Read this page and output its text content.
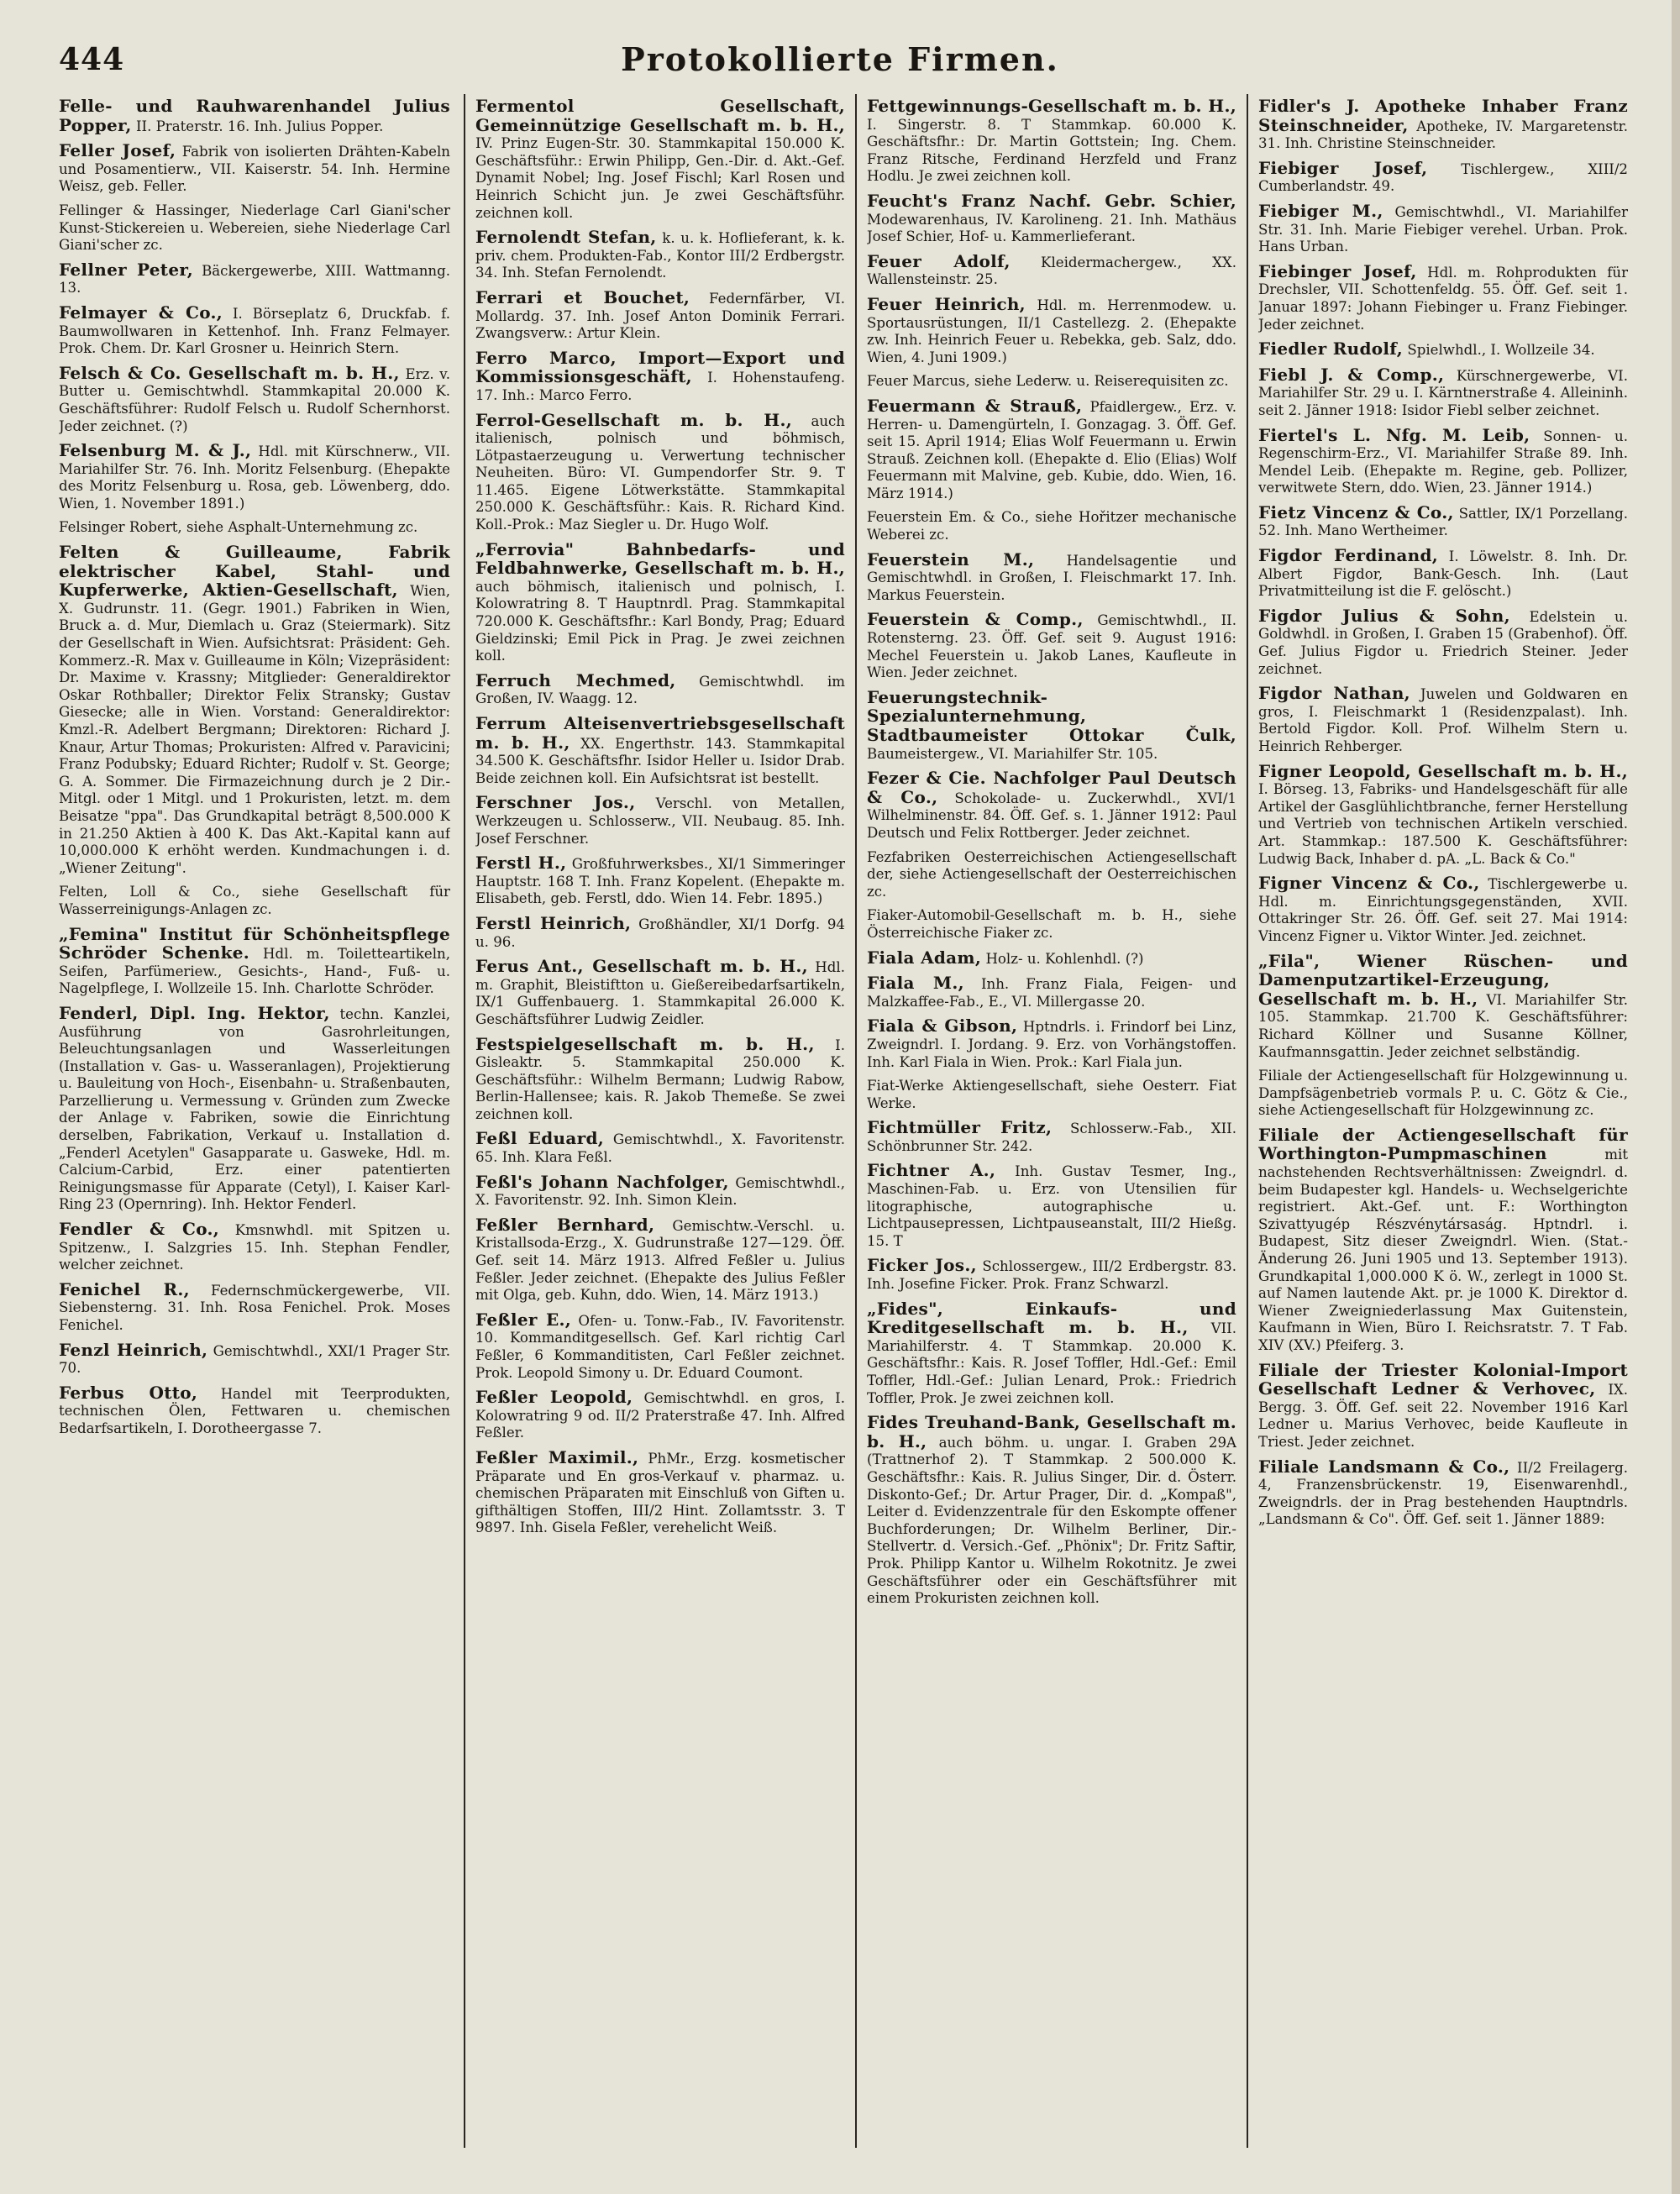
444	Protokollierte Firmen.

Felle- und Rauhwarenhandel Julius Popper, II. Praterstr. 16. Inh. Julius Popper.

Feller Josef, Fabrik von isolierten Drähten-Kabeln und Posamentierw., VII. Kaiserstr. 54. Inh. Hermine Weisz, geb. Feller.

Fellinger & Hassinger, Niederlage Carl Giani'scher Kunst-Stickereien u. Webereien, siehe Niederlage Carl Giani'scher zc.

Fellner Peter, Bäckergewerbe, XIII. Wattmanng. 13.

Felmayer & Co., I. Börseplatz 6, Druckfab. f. Baumwollwaren in Kettenhof. Inh. Franz Felmayer. Prok. Chem. Dr. Karl Grosner u. Heinrich Stern.

Felsch & Co. Gesellschaft m. b. H., Erz. v. Butter u. Gemischtwhdl. Stammkapital 20.000 K. Geschäftsführer: Rudolf Felsch u. Rudolf Schernhorst. Jeder zeichnet. (?)

Felsenburg M. & J., Hdl. mit Kürschnerw., VII. Mariahilfer Str. 76. Inh. Moritz Felsenburg. (Ehepakte des Moritz Felsenburg u. Rosa, geb. Löwenberg, ddo. Wien, 1. November 1891.)

Felsinger Robert, siehe Asphalt-Unternehmung zc.

Felten & Guilleaume, Fabrik elektrischer Kabel, Stahl- und Kupferwerke, Aktien-Gesellschaft, Wien, X. Gudrunstr. 11. (Gegr. 1901.) Fabriken in Wien, Bruck a. d. Mur, Diemlach u. Graz (Steiermark). Sitz der Gesellschaft in Wien. Aufsichtsrat: Präsident: Geh. Kommerz.-R. Max v. Guilleaume in Köln; Vizepräsident: Dr. Maxime v. Krassny; Mitglieder: Generaldirektor Oskar Rothballer; Direktor Felix Stransky; Gustav Giesecke; alle in Wien. Vorstand: Generaldirektor: Kmzl.-R. Adelbert Bergmann; Direktoren: Richard J. Knaur, Artur Thomas; Prokuristen: Alfred v. Paravicini; Franz Podubsky; Eduard Richter; Rudolf v. St. George; G. A. Sommer. Die Firmazeichnung durch je 2 Dir.-Mitgl. oder 1 Mitgl. und 1 Prokuristen, letzt. m. dem Beisatze "ppa". Das Grundkapital beträgt 8,500.000 K in 21.250 Aktien à 400 K. Das Akt.-Kapital kann auf 10,000.000 K erhöht werden. Kundmachungen i. d. „Wiener Zeitung".

Felten, Loll & Co., siehe Gesellschaft für Wasserreinigungs-Anlagen zc.

„Femina" Institut für Schönheitspflege Schröder Schenke. Hdl. m. Toiletteartikeln, Seifen, Parfümeriew., Gesichts-, Hand-, Fuß- u. Nagelpflege, I. Wollzeile 15. Inh. Charlotte Schröder.

Fenderl, Dipl. Ing. Hektor, techn. Kanzlei, Ausführung von Gasrohrleitungen, Beleuchtungsanlagen und Wasserleitungen (Installation v. Gas- u. Wasseranlagen), Projektierung u. Bauleitung von Hoch-, Eisenbahn- u. Straßenbauten, Parzellierung u. Vermessung v. Gründen zum Zwecke der Anlage v. Fabriken, sowie die Einrichtung derselben, Fabrikation, Verkauf u. Installation d. „Fenderl Acetylen" Gasapparate u. Gasweke, Hdl. m. Calcium-Carbid, Erz. einer patentierten Reinigungsmasse für Apparate (Cetyl), I. Kaiser Karl-Ring 23 (Opernring). Inh. Hektor Fenderl.

Fendler & Co., Kmsnwhdl. mit Spitzen u. Spitzenw., I. Salzgries 15. Inh. Stephan Fendler, welcher zeichnet.

Fenichel R., Federnschmückergewerbe, VII. Siebensterng. 31. Inh. Rosa Fenichel. Prok. Moses Fenichel.

Fenzl Heinrich, Gemischtwhdl., XXI/1 Prager Str. 70.

Ferbus Otto, Handel mit Teerprodukten, technischen Ölen, Fettwaren u. chemischen Bedarfsartikeln, I. Dorotheergasse 7.

Fermentol Gesellschaft, Gemeinnützige Gesellschaft m. b. H., IV. Prinz Eugen-Str. 30. Stammkapital 150.000 K. Geschäftsführ.: Erwin Philipp, Gen.-Dir. d. Akt.-Gef. Dynamit Nobel; Ing. Josef Fischl; Karl Rosen und Heinrich Schicht jun. Je zwei Geschäftsführ. zeichnen koll.

Fernolendt Stefan, k. u. k. Hoflieferant, k. k. priv. chem. Produkten-Fab., Kontor III/2 Erdbergstr. 34. Inh. Stefan Fernolendt.

Ferrari et Bouchet, Federnfärber, VI. Mollardg. 37. Inh. Josef Anton Dominik Ferrari. Zwangsverw.: Artur Klein.

Ferro Marco, Import—Export und Kommissionsgeschäft, I. Hohenstaufeng. 17. Inh.: Marco Ferro.

Ferrol-Gesellschaft m. b. H., auch italienisch, polnisch und böhmisch, Lötpastaerzeugung u. Verwertung technischer Neuheiten. Büro: VI. Gumpendorfer Str. 9. T 11.465. Eigene Lötwerkstätte. Stammkapital 250.000 K. Geschäftsführ.: Kais. R. Richard Kind. Koll.-Prok.: Maz Siegler u. Dr. Hugo Wolf.

„Ferrovia" Bahnbedarfs- und Feldbahnwerke, Gesellschaft m. b. H., auch böhmisch, italienisch und polnisch, I. Kolowratring 8. T Hauptnrdl. Prag. Stammkapital 720.000 K. Geschäftsfhr.: Karl Bondy, Prag; Eduard Gieldzinski; Emil Pick in Prag. Je zwei zeichnen koll.

Ferruch Mechmed, Gemischtwhdl. im Großen, IV. Waagg. 12.

Ferrum Alteisenvertriebsgesellschaft m. b. H., XX. Engerthstr. 143. Stammkapital 34.500 K. Geschäftsfhr. Isidor Heller u. Isidor Drab. Beide zeichnen koll. Ein Aufsichtsrat ist bestellt.

Ferschner Jos., Verschl. von Metallen, Werkzeugen u. Schlosserw., VII. Neubaug. 85. Inh. Josef Ferschner.

Ferstl H., Großfuhrwerksbes., XI/1 Simmeringer Hauptstr. 168 T. Inh. Franz Kopelent. (Ehepakte m. Elisabeth, geb. Ferstl, ddo. Wien 14. Febr. 1895.)

Ferstl Heinrich, Großhändler, XI/1 Dorfg. 94 u. 96.

Ferus Ant., Gesellschaft m. b. H., Hdl. m. Graphit, Bleistiftton u. Gießereibedarfsartikeln, IX/1 Guffenbauerg. 1. Stammkapital 26.000 K. Geschäftsführer Ludwig Zeidler.

Festspielgesellschaft m. b. H., I. Gisleaktr. 5. Stammkapital 250.000 K. Geschäftsführ.: Wilhelm Bermann; Ludwig Rabow, Berlin-Hallensee; kais. R. Jakob Themeße. Se zwei zeichnen koll.

Feßl Eduard, Gemischtwhdl., X. Favoritenstr. 65. Inh. Klara Feßl.

Feßl's Johann Nachfolger, Gemischtwhdl., X. Favoritenstr. 92. Inh. Simon Klein.

Feßler Bernhard, Gemischtw.-Verschl. u. Kristallsoda-Erzg., X. Gudrunstraße 127—129. Öff. Gef. seit 14. März 1913. Alfred Feßler u. Julius Feßler. Jeder zeichnet. (Ehepakte des Julius Feßler mit Olga, geb. Kuhn, ddo. Wien, 14. März 1913.)

Feßler E., Ofen- u. Tonw.-Fab., IV. Favoritenstr. 10. Kommanditgesellsch. Gef. Karl richtig Carl Feßler, 6 Kommanditisten, Carl Feßler zeichnet. Prok. Leopold Simony u. Dr. Eduard Coumont.

Feßler Leopold, Gemischtwhdl. en gros, I. Kolowratring 9 od. II/2 Praterstraße 47. Inh. Alfred Feßler.

Feßler Maximil., PhMr., Erzg. kosmetischer Präparate und En gros-Verkauf v. pharmaz. u. chemischen Präparaten mit Einschluß von Giften u. gifthältigen Stoffen, III/2 Hint. Zollamtsstr. 3. T 9897. Inh. Gisela Feßler, verehelicht Weiß.

Fettgewinnungs-Gesellschaft m. b. H., I. Singerstr. 8. T Stammkap. 60.000 K. Geschäftsfhr.: Dr. Martin Gottstein; Ing. Chem. Franz Ritsche, Ferdinand Herzfeld und Franz Hodlu. Je zwei zeichnen koll.

Feucht's Franz Nachf. Gebr. Schier, Modewarenhaus, IV. Karolineng. 21. Inh. Mathäus Josef Schier, Hof- u. Kammerlieferant.

Feuer Adolf, Kleidermachergew., XX. Wallensteinstr. 25.

Feuer Heinrich, Hdl. m. Herrenmodew. u. Sportausrüstungen, II/1 Castellezg. 2. (Ehepakte zw. Inh. Heinrich Feuer u. Rebekka, geb. Salz, ddo. Wien, 4. Juni 1909.)

Feuer Marcus, siehe Lederw. u. Reiserequisiten zc.

Feuermann & Strauß, Pfaidlergew., Erz. v. Herren- u. Damengürteln, I. Gonzagag. 3. Öff. Gef. seit 15. April 1914; Elias Wolf Feuermann u. Erwin Strauß. Zeichnen koll. (Ehepakte d. Elio (Elias) Wolf Feuermann mit Malvine, geb. Kubie, ddo. Wien, 16. März 1914.)

Feuerstein Em. & Co., siehe Hořitzer mechanische Weberei zc.

Feuerstein M., Handelsagentie und Gemischtwhdl. in Großen, I. Fleischmarkt 17. Inh. Markus Feuerstein.

Feuerstein & Comp., Gemischtwhdl., II. Rotensterng. 23. Öff. Gef. seit 9. August 1916: Mechel Feuerstein u. Jakob Lanes, Kaufleute in Wien. Jeder zeichnet.

Feuerungstechnik-Spezialunternehmung, Stadtbaumeister Ottokar Čulk, Baumeistergew., VI. Mariahilfer Str. 105.

Fezer & Cie. Nachfolger Paul Deutsch & Co., Schokolade- u. Zuckerwhdl., XVI/1 Wilhelminenstr. 84. Öff. Gef. s. 1. Jänner 1912: Paul Deutsch und Felix Rottberger. Jeder zeichnet.

Fezfabriken Oesterreichischen Actiengesellschaft der, siehe Actiengesellschaft der Oesterreichischen zc.

Fiaker-Automobil-Gesellschaft m. b. H., siehe Österreichische Fiaker zc.

Fiala Adam, Holz- u. Kohlenhdl. (?)

Fiala M., Inh. Franz Fiala, Feigen- und Malzkaffee-Fab., E., VI. Millergasse 20.

Fiala & Gibson, Hptndrls. i. Frindorf bei Linz, Zweigndrl. I. Jordang. 9. Erz. von Vorhängstoffen. Inh. Karl Fiala in Wien. Prok.: Karl Fiala jun.

Fiat-Werke Aktiengesellschaft, siehe Oesterr. Fiat Werke.

Fichtmüller Fritz, Schlosserw.-Fab., XII. Schönbrunner Str. 242.

Fichtner A., Inh. Gustav Tesmer, Ing., Maschinen-Fab. u. Erz. von Utensilien für litographische, autographische u. Lichtpausepressen, Lichtpauseanstalt, III/2 Hießg. 15. T

Ficker Jos., Schlossergew., III/2 Erdbergstr. 83. Inh. Josefine Ficker. Prok. Franz Schwarzl.

„Fides", Einkaufs- und Kreditgesellschaft m. b. H., VII. Mariahilferstr. 4. T Stammkap. 20.000 K. Geschäftsfhr.: Kais. R. Josef Toffler, Hdl.-Gef.: Emil Toffler, Hdl.-Gef.: Julian Lenard, Prok.: Friedrich Toffler, Prok. Je zwei zeichnen koll.

Fides Treuhand-Bank, Gesellschaft m. b. H., auch böhm. u. ungar. I. Graben 29A (Trattnerhof 2). T Stammkap. 2 500.000 K. Geschäftsfhr.: Kais. R. Julius Singer, Dir. d. Österr. Diskonto-Gef.; Dr. Artur Prager, Dir. d. „Kompaß", Leiter d. Evidenzzentrale für den Eskompte offener Buchforderungen; Dr. Wilhelm Berliner, Dir.-Stellvertr. d. Versich.-Gef. „Phönix"; Dr. Fritz Saftir, Prok. Philipp Kantor u. Wilhelm Rokotnitz. Je zwei Geschäftsführer oder ein Geschäftsführer mit einem Prokuristen zeichnen koll.

Fidler's J. Apotheke Inhaber Franz Steinschneider, Apotheke, IV. Margaretenstr. 31. Inh. Christine Steinschneider.

Fiebiger Josef, Tischlergew., XIII/2 Cumberlandstr. 49.

Fiebiger M., Gemischtwhdl., VI. Mariahilfer Str. 31. Inh. Marie Fiebiger verehel. Urban. Prok. Hans Urban.

Fiebinger Josef, Hdl. m. Rohprodukten für Drechsler, VII. Schottenfeldg. 55. Öff. Gef. seit 1. Januar 1897: Johann Fiebinger u. Franz Fiebinger. Jeder zeichnet.

Fiedler Rudolf, Spielwhdl., I. Wollzeile 34.

Fiebl J. & Comp., Kürschnergewerbe, VI. Mariahilfer Str. 29 u. I. Kärntnerstraße 4. Alleininh. seit 2. Jänner 1918: Isidor Fiebl selber zeichnet.

Fiertel's L. Nfg. M. Leib, Sonnen- u. Regenschirm-Erz., VI. Mariahilfer Straße 89. Inh. Mendel Leib. (Ehepakte m. Regine, geb. Pollizer, verwitwete Stern, ddo. Wien, 23. Jänner 1914.)

Fietz Vincenz & Co., Sattler, IX/1 Porzellang. 52. Inh. Mano Wertheimer.

Figdor Ferdinand, I. Löwelstr. 8. Inh. Dr. Albert Figdor, Bank-Gesch. Inh. (Laut Privatmitteilung ist die F. gelöscht.)

Figdor Julius & Sohn, Edelstein u. Goldwhdl. in Großen, I. Graben 15 (Grabenhof). Öff. Gef. Julius Figdor u. Friedrich Steiner. Jeder zeichnet.

Figdor Nathan, Juwelen und Goldwaren en gros, I. Fleischmarkt 1 (Residenzpalast). Inh. Bertold Figdor. Koll. Prof. Wilhelm Stern u. Heinrich Rehberger.

Figner Leopold, Gesellschaft m. b. H., I. Börseg. 13, Fabriks- und Handelsgeschäft für alle Artikel der Gasglühlichtbranche, ferner Herstellung und Vertrieb von technischen Artikeln verschied. Art. Stammkap.: 187.500 K. Geschäftsführer: Ludwig Back, Inhaber d. pA. „L. Back & Co."

Figner Vincenz & Co., Tischlergewerbe u. Hdl. m. Einrichtungsgegenständen, XVII. Ottakringer Str. 26. Öff. Gef. seit 27. Mai 1914: Vincenz Figner u. Viktor Winter. Jed. zeichnet.

„Fila", Wiener Rüschen- und Damenputzartikel-Erzeugung, Gesellschaft m. b. H., VI. Mariahilfer Str. 105. Stammkap. 21.700 K. Geschäftsführer: Richard Köllner und Susanne Köllner, Kaufmannsgattin. Jeder zeichnet selbständig.

Filiale der Actiengesellschaft für Holzgewinnung u. Dampfsägenbetrieb vormals P. u. C. Götz & Cie., siehe Actiengesellschaft für Holzgewinnung zc.

Filiale der Actiengesellschaft für Worthington-Pumpmaschinen	mit nachstehenden Rechtsverhältnissen: Zweigndrl. d. beim Budapester kgl. Handels- u. Wechselgerichte registriert. Akt.-Gef. unt. F.: Worthington Szivattyugép Részvénytársaság. Hptndrl. i. Budapest, Sitz dieser Zweigndrl. Wien. (Stat.-Änderung 26. Juni 1905 und 13. September 1913). Grundkapital 1,000.000 K ö. W., zerlegt in 1000 St. auf Namen lautende Akt. pr. je 1000 K. Direktor d. Wiener Zweigniederlassung Max Guitenstein, Kaufmann in Wien, Büro I. Reichsratstr. 7. T Fab. XIV (XV.) Pfeiferg. 3.

Filiale der Triester Kolonial-Import Gesellschaft Ledner & Verhovec, IX. Bergg. 3. Öff. Gef. seit 22. November 1916 Karl Ledner u. Marius Verhovec, beide Kaufleute in Triest. Jeder zeichnet.

Filiale Landsmann & Co., II/2 Freilagerg. 4, Franzensbrückenstr. 19, Eisenwarenhdl., Zweigndrls. der in Prag bestehenden Hauptndrls. „Landsmann & Co". Öff. Gef. seit 1. Jänner 1889:
